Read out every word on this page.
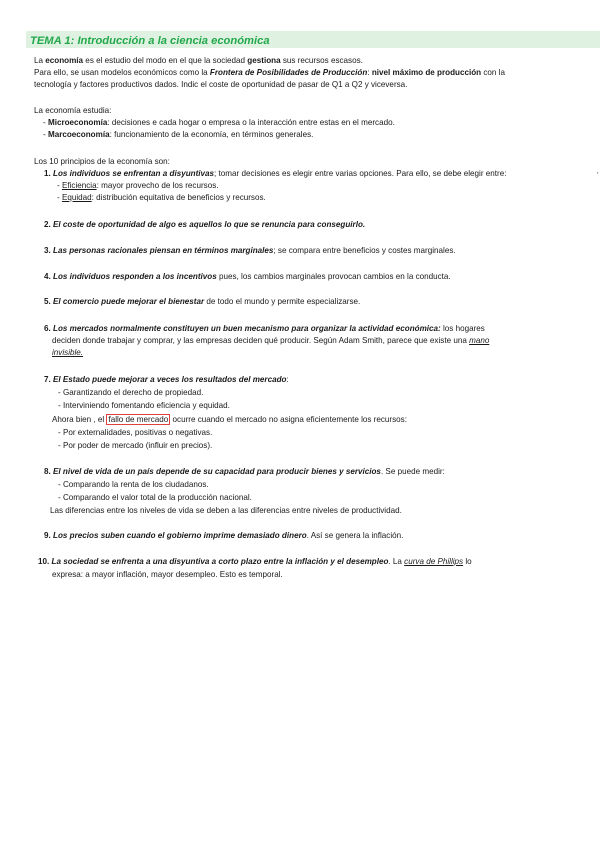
TEMA 1: Introducción a la ciencia económica
La economía es el estudio del modo en el que la sociedad gestiona sus recursos escasos.
Para ello, se usan modelos económicos como la Frontera de Posibilidades de Producción: nivel máximo de producción con la
tecnología y factores productivos dados. Indic el coste de oportunidad de pasar de Q1 a Q2 y viceversa.
La economía estudia:
- Microeconomía: decisiones e cada hogar o empresa o la interacción entre estas en el mercado.
- Marcoeconomía: funcionamiento de la economía, en términos generales.
Los 10 principios de la economía son:
1. Los individuos se enfrentan a disyuntivas; tomar decisiones es elegir entre varias opciones. Para ello, se debe elegir entre:
- Eficiencia: mayor provecho de los recursos.
- Equidad: distribución equitativa de beneficios y recursos.
2. El coste de oportunidad de algo es aquellos lo que se renuncia para conseguirlo.
3. Las personas racionales piensan en términos marginales; se compara entre beneficios y costes marginales.
4. Los individuos responden a los incentivos pues, los cambios marginales provocan cambios en la conducta.
5. El comercio puede mejorar el bienestar de todo el mundo y permite especializarse.
6. Los mercados normalmente constituyen un buen mecanismo para organizar la actividad económica: los hogares
deciden donde trabajar y comprar, y las empresas deciden qué producir. Según Adam Smith, parece que existe una mano
invisible.
7. El Estado puede mejorar a veces los resultados del mercado:
- Garantizando el derecho de propiedad.
- Interviniendo fomentando eficiencia y equidad.
Ahora bien , el fallo de mercado ocurre cuando el mercado no asigna eficientemente los recursos:
- Por externalidades, positivas o negativas.
- Por poder de mercado (influir en precios).
8. El nivel de vida de un país depende de su capacidad para producir bienes y servicios. Se puede medir:
- Comparando la renta de los ciudadanos.
- Comparando el valor total de la producción nacional.
Las diferencias entre los niveles de vida se deben a las diferencias entre niveles de productividad.
9. Los precios suben cuando el gobierno imprime demasiado dinero. Así se genera la inflación.
10. La sociedad se enfrenta a una disyuntiva a corto plazo entre la inflación y el desempleo. La curva de Phillips lo
expresa: a mayor inflación, mayor desempleo. Esto es temporal.
'
